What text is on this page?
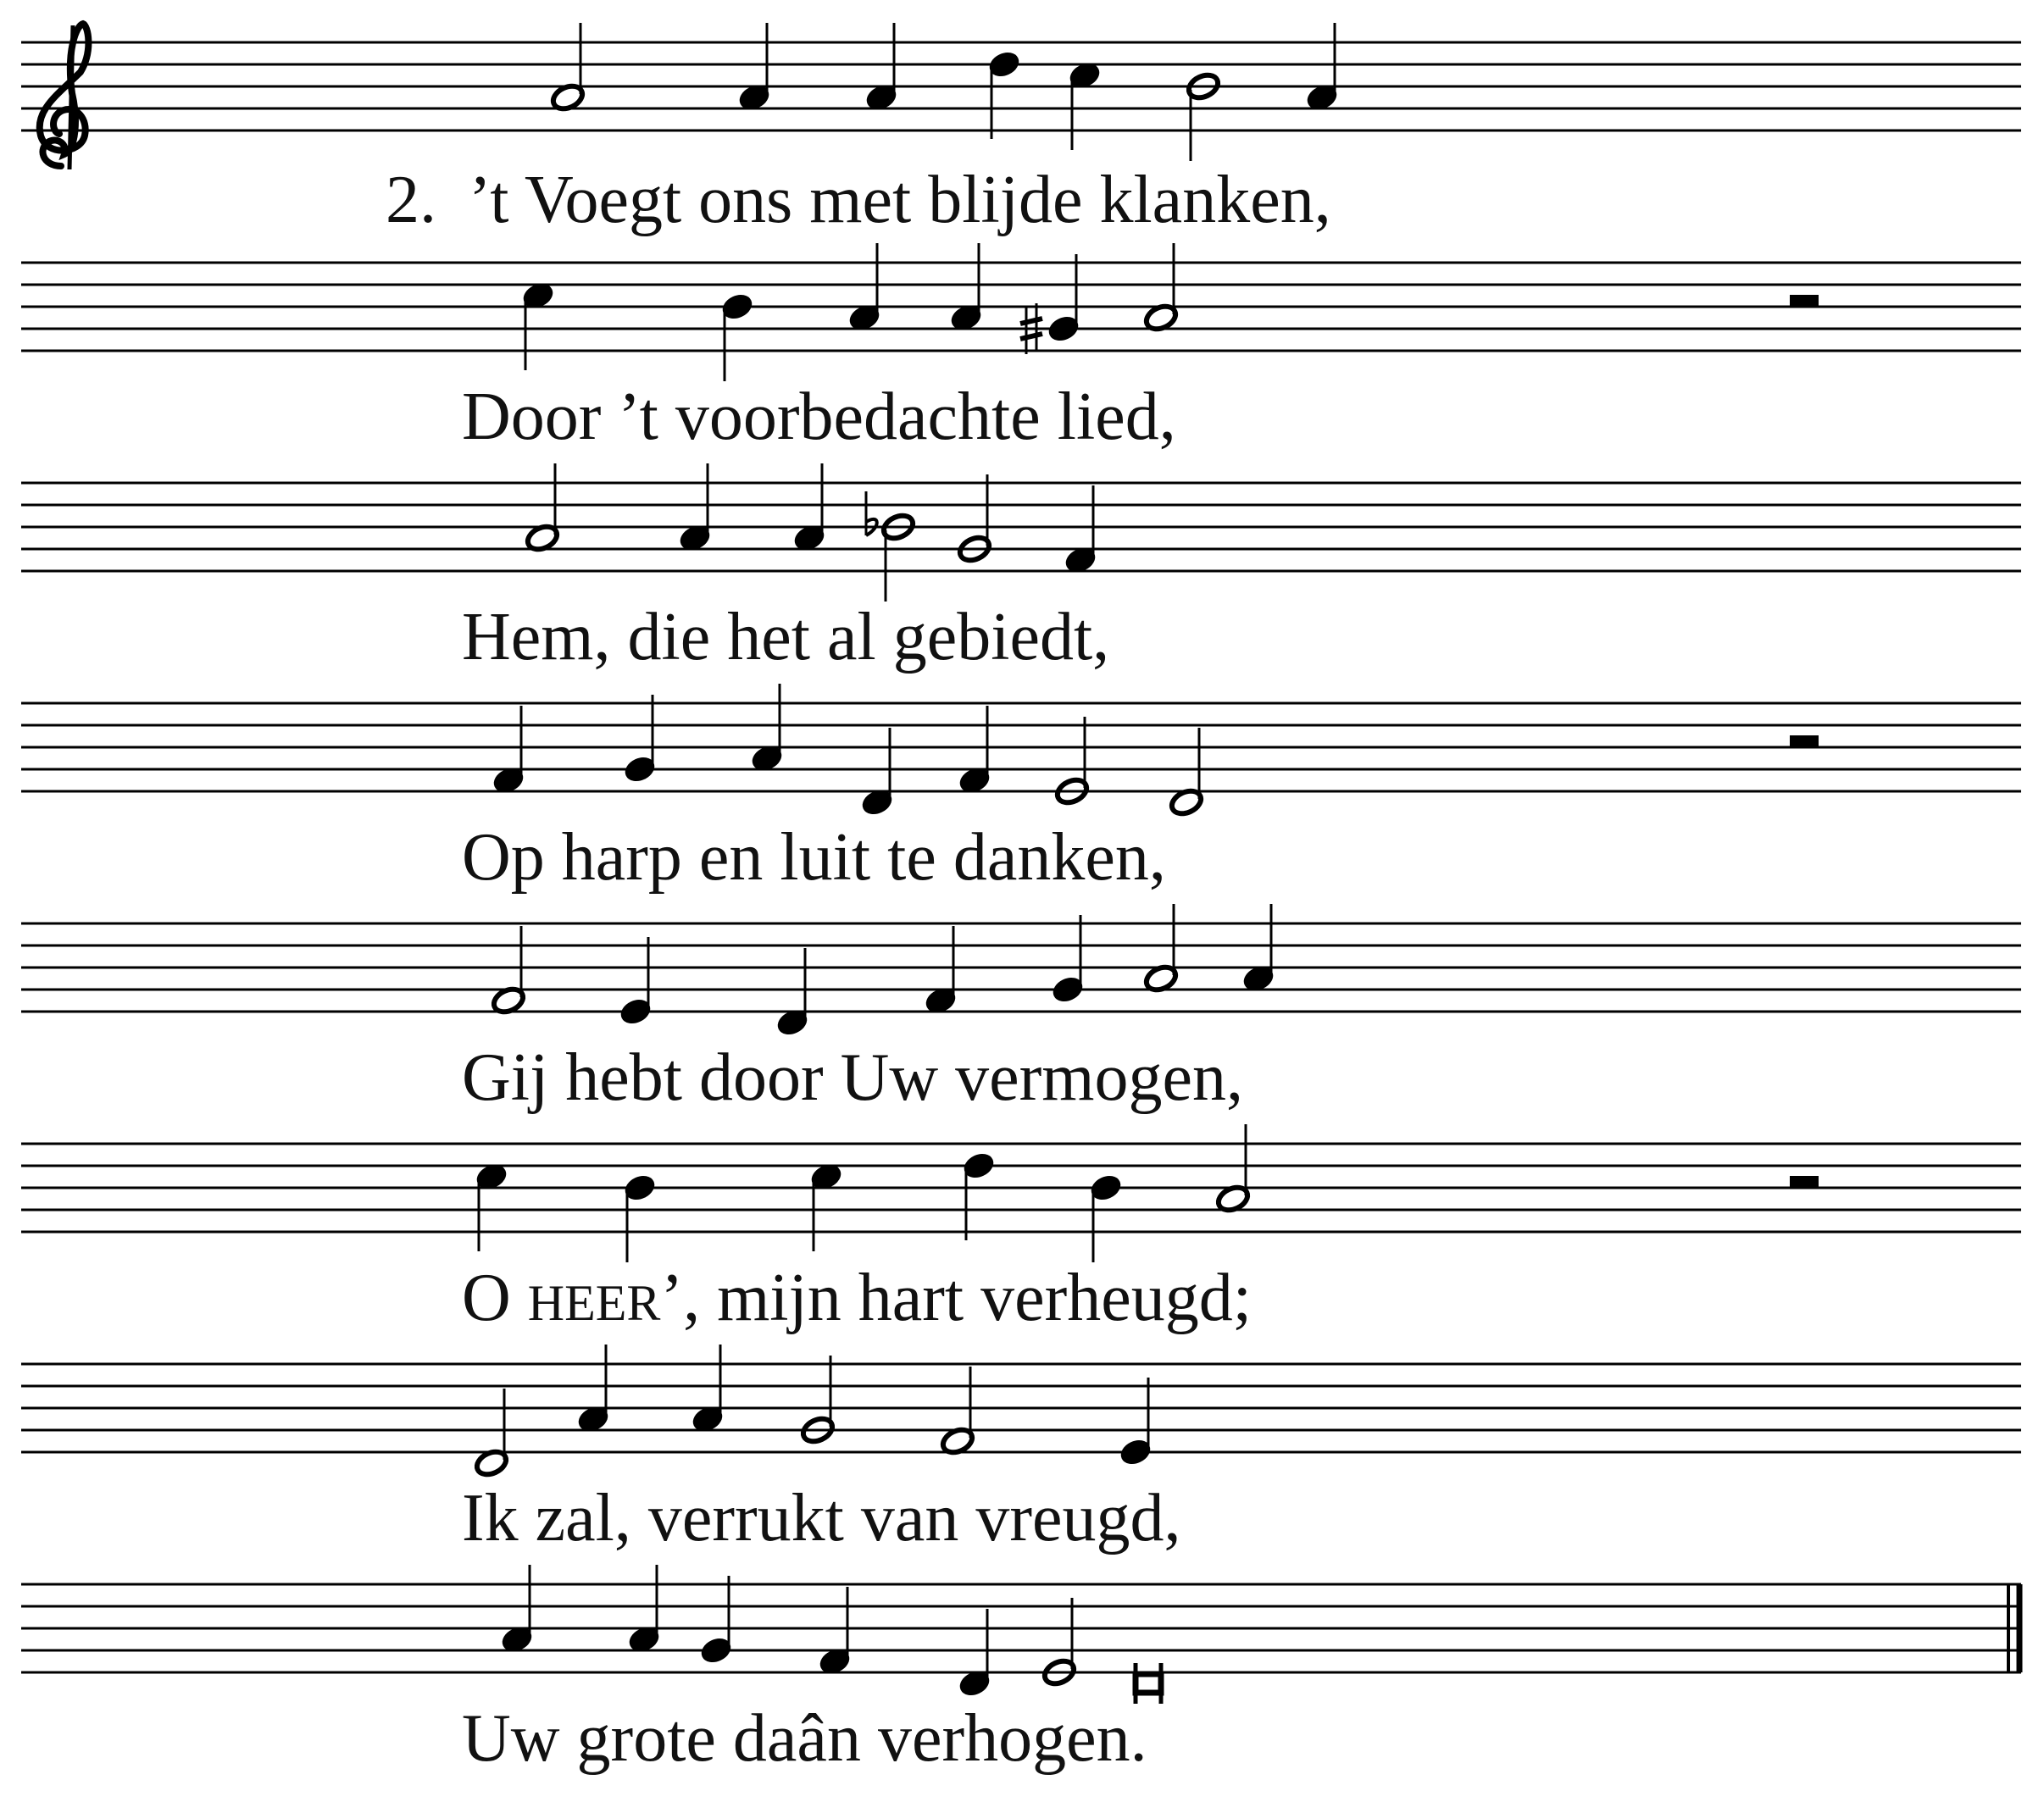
2. ’t Voegt ons met blijde klanken,
Door ’t voorbedachte lied,
Hem, die het al gebiedt,
Op harp en luit te danken,
Gij hebt door Uw vermogen,
O HEER’, mijn hart verheugd;
Ik zal, verrukt van vreugd,
Uw grote daân verhogen.
